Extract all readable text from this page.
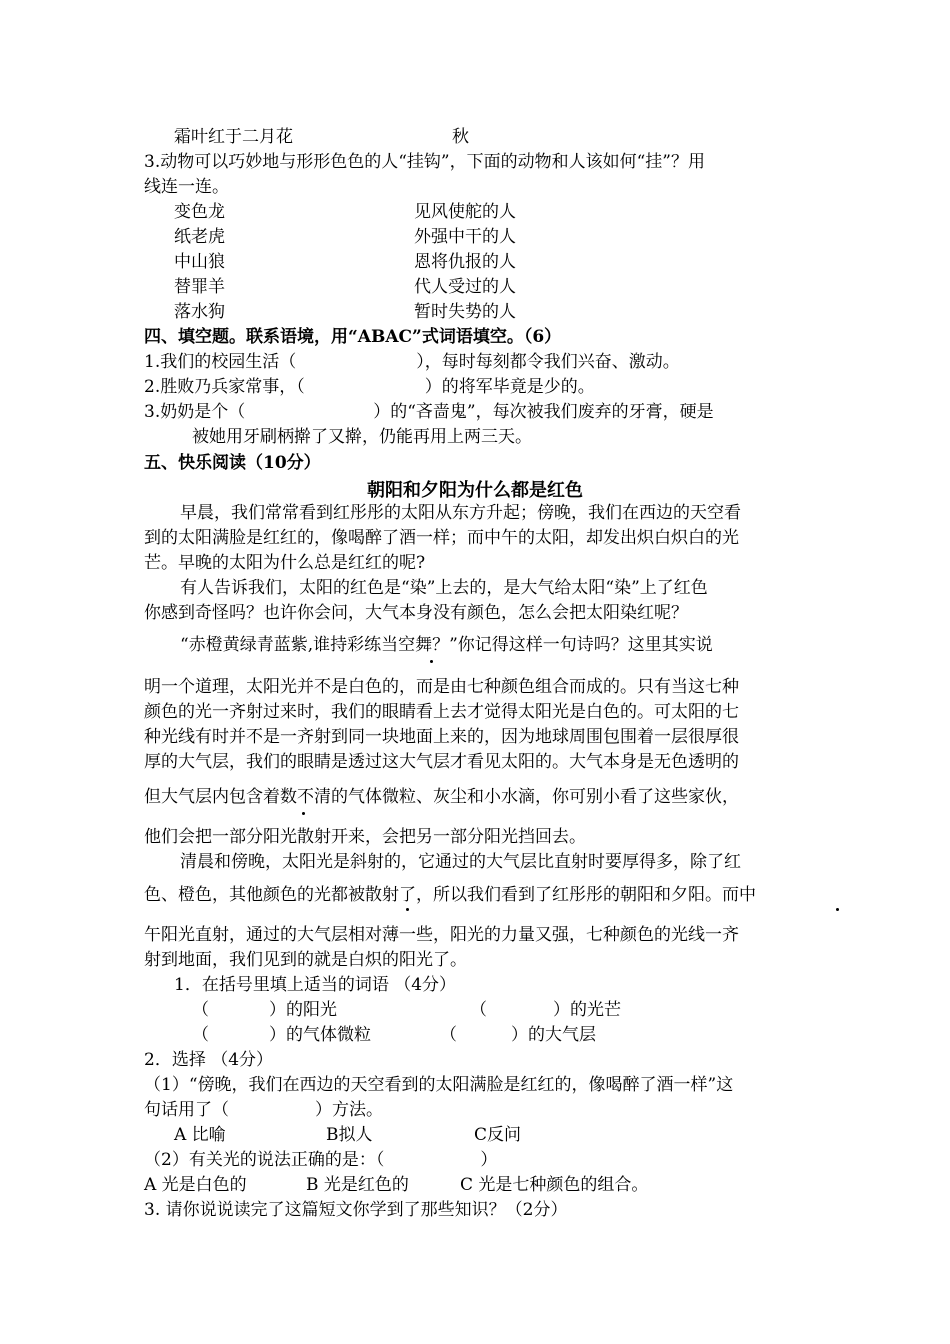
霜叶红于二月花	秋
3.动物可以巧妙地与形形色色的人“挂钩”，下面的动物和人该如何“挂”？用
线连一连。
变色龙	见风使舵的人
纸老虎	外强中干的人
中山狼	恩将仇报的人
替罪羊	代人受过的人
落水狗	暂时失势的人
四、填空题。联系语境，用“ABAC”式词语填空。（6）
1.我们的校园生活（	），每时每刻都令我们兴奋、激动。
2.胜败乃兵家常事，（	）的将军毕竟是少的。
3.奶奶是个（	）的“吝啬鬼”，每次被我们废弃的牙膏，硬是
被她用牙刷柄擀了又擀，仍能再用上两三天。
五、快乐阅读（10分）
朝阳和夕阳为什么都是红色
早晨，我们常常看到红彤彤的太阳从东方升起；傍晚，我们在西边的天空看
到的太阳满脸是红红的，像喝醉了酒一样；而中午的太阳，却发出炽白炽白的光
芒。早晚的太阳为什么总是红红的呢?
有人告诉我们，太阳的红色是“染”上去的，是大气给太阳“染”上了红色
你感到奇怪吗？也许你会问，大气本身没有颜色，怎么会把太阳染红呢？
“赤橙黄绿青蓝紫,谁持彩练当空舞？”你记得这样一句诗吗？这里其实说
明一个道理，太阳光并不是白色的，而是由七种颜色组合而成的。只有当这七种
颜色的光一齐射过来时，我们的眼睛看上去才觉得太阳光是白色的。可太阳的七
种光线有时并不是一齐射到同一块地面上来的，因为地球周围包围着一层很厚很
厚的大气层，我们的眼睛是透过这大气层才看见太阳的。大气本身是无色透明的
但大气层内包含着数不清的气体微粒、灰尘和小水滴，你可别小看了这些家伙，
他们会把一部分阳光散射开来，会把另一部分阳光挡回去。
清晨和傍晚，太阳光是斜射的，它通过的大气层比直射时要厚得多，除了红
色、橙色，其他颜色的光都被散射了，所以我们看到了红彤彤的朝阳和夕阳。而中
午阳光直射，通过的大气层相对薄一些，阳光的力量又强，七种颜色的光线一齐
射到地面，我们见到的就是白炽的阳光了。
1．在括号里填上适当的词语 （4分）
（	）的阳光	（	）的光芒
（	）的气体微粒	（	）的大气层
2．选择 （4分）
（1）“傍晚，我们在西边的天空看到的太阳满脸是红红的，像喝醉了酒一样”这
句话用了（	）方法。
A 比喻	B拟人	C反问
（2）有关光的说法正确的是：（	）
A 光是白色的	B 光是红色的	C 光是七种颜色的组合。
3. 请你说说读完了这篇短文你学到了那些知识？（2分）
